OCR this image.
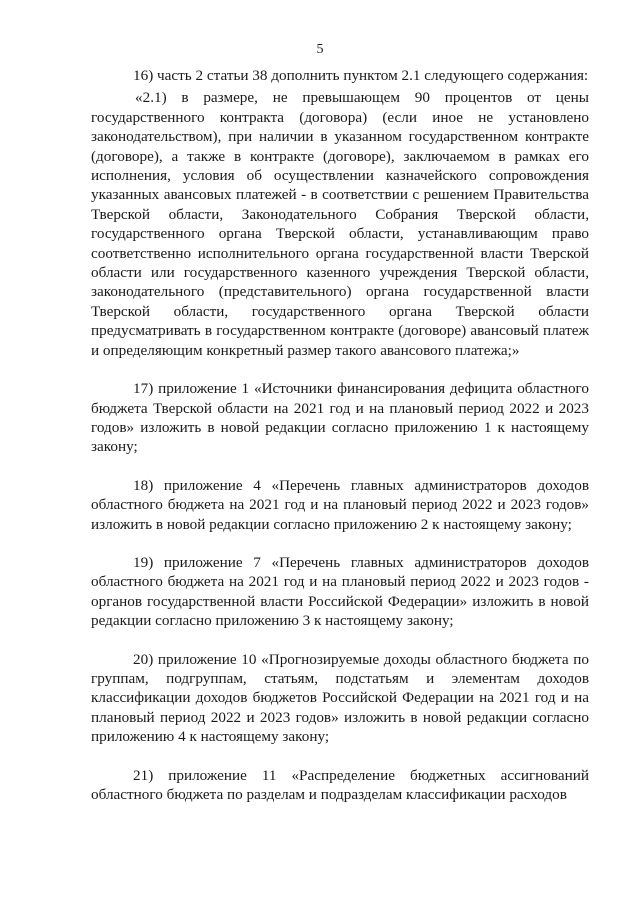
5

16) часть 2 статьи 38 дополнить пунктом 2.1 следующего содержания:

«2.1) в размере, не превышающем 90 процентов от цены государственного контракта (договора) (если иное не установлено законодательством), при наличии в указанном государственном контракте (договоре), а также в контракте (договоре), заключаемом в рамках его исполнения, условия об осуществлении казначейского сопровождения указанных авансовых платежей - в соответствии с решением Правительства Тверской области, Законодательного Собрания Тверской области, государственного органа Тверской области, устанавливающим право соответственно исполнительного органа государственной власти Тверской области или государственного казенного учреждения Тверской области, законодательного (представительного) органа государственной власти Тверской области, государственного органа Тверской области предусматривать в государственном контракте (договоре) авансовый платеж и определяющим конкретный размер такого авансового платежа;»

17) приложение 1 «Источники финансирования дефицита областного бюджета Тверской области на 2021 год и на плановый период 2022 и 2023 годов» изложить в новой редакции согласно приложению 1 к настоящему закону;

18) приложение 4 «Перечень главных администраторов доходов областного бюджета на 2021 год и на плановый период 2022 и 2023 годов» изложить в новой редакции согласно приложению 2 к настоящему закону;

19) приложение 7 «Перечень главных администраторов доходов областного бюджета на 2021 год и на плановый период 2022 и 2023 годов - органов государственной власти Российской Федерации» изложить в новой редакции согласно приложению 3 к настоящему закону;

20) приложение 10 «Прогнозируемые доходы областного бюджета по группам, подгруппам, статьям, подстатьям и элементам доходов классификации доходов бюджетов Российской Федерации на 2021 год и на плановый период 2022 и 2023 годов» изложить в новой редакции согласно приложению 4 к настоящему закону;

21) приложение 11 «Распределение бюджетных ассигнований областного бюджета по разделам и подразделам классификации расходов
